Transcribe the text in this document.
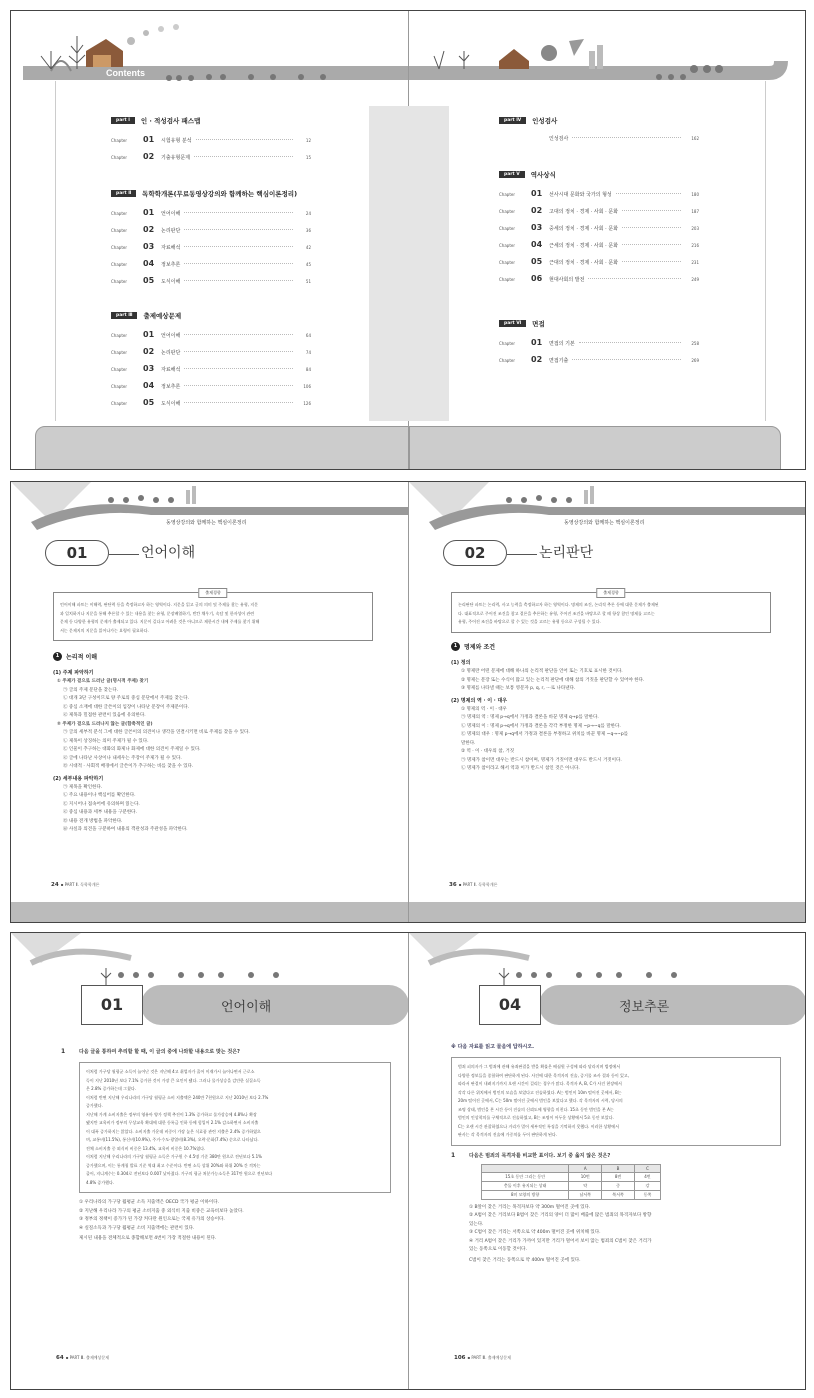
Contents
part Ⅰ	인 · 적성검사 패스맵
Chapter	01	시험유형 분석	12
Chapter	02	기출유형문제	15
part Ⅱ	독학학개론(무료동영상강의와 함께하는 핵심이론정리)
Chapter	01	언어이해	24
Chapter	02	논리판단	36
Chapter	03	자료해석	42
Chapter	04	정보추론	45
Chapter	05	도식이해	51
part Ⅲ	출제예상문제
Chapter	01	언어이해	64
Chapter	02	논리판단	74
Chapter	03	자료해석	84
Chapter	04	정보추론	106
Chapter	05	도식이해	126
part Ⅳ	인성검사
인성검사	162
part Ⅴ	역사상식
Chapter	01	선사시대 문화와 국가의 형성	180
Chapter	02	고대의 정치 · 경제 · 사회 · 문화	187
Chapter	03	중세의 정치 · 경제 · 사회 · 문화	203
Chapter	04	근세의 정치 · 경제 · 사회 · 문화	216
Chapter	05	근대의 정치 · 경제 · 사회 · 문화	231
Chapter	06	현대사회의 발전	249
part Ⅵ	면접
Chapter	01	면접의 기본	258
Chapter	02	면접기출	269
동영상강의와 함께하는 핵심이론정리
01	언어이해
출제경향
언어이해 파트는 이해력, 판단력 등을 측정하고자 하는 영역이다. 지문을 읽고 글의 의미 및 주제를 찾는 유형, 지문
과 일치하거나 지문을 통해 추론할 수 있는 내용을 찾는 유형, 문장배열하기, 빈칸 채우기, 속담 및 한자성어 관련
문제 등 다양한 유형의 문제가 출제되고 있다. 지문이 길다고 어려운 것은 아니므로 제한시간 내에 주제를 찾기 위해
서는 문제지의 지문을 읽어나가는 요령이 필요하다.
1	논리적 이해
(1) 주제 파악하기
① 주제가 겉으로 드러난 글(명시적 주제) 찾기
㉠ 글의 주제 문단을 찾는다.
㉡ 대개 3단 구성이므로 양 주로의 중심 문단에서 주제를 찾는다.
㉢ 중심 소재에 대한 글쓴이의 입장이 나타난 문장이 주제문이다.
㉣ 제목과 밀접한 관련이 있음에 유의한다.
② 주제가 겉으로 드러나지 않는 글(함축적인 글)
㉠ 글의 세부적 분석 그에 대한 글쓴이의 의견이나 생각을 연결시키면 비로 주제를 찾을 수 있다.
㉡ 제목이 상징하는 의미 주제가 될 수 있다.
㉢ 인물이 추구하는 대화의 화제나 화제에 대한 의견이 주제일 수 있다.
㉣ 글에 나타난 사상이나 내세우는 주장이 주제가 될 수 있다.
㉤ 시대적 · 사회적 배경에서 글쓴이가 추구하는 바를 찾을 수 있다.
(2) 세부내용 파악하기
㉠ 제목을 확인한다.
㉡ 주요 내용이나 핵심어를 확인한다.
㉢ 지시어나 접속어에 유의하며 읽는다.
㉣ 중심 내용과 세부 내용을 구분한다.
㉤ 내용 전개 방법을 파악한다.
㉥ 사실과 의견을 구분하여 내용의 객관성과 주관성을 파악한다.
24 ▪ PART Ⅱ. 독학학개론
동영상강의와 함께하는 핵심이론정리
02	논리판단
출제경향
논리판단 파트는 논리력, 사고 능력을 측정하고자 하는 영역이다. 명제의 조건, 논리적 추론 등에 대한 문제가 출제된
다. 대표적으로 주어진 조건을 참고 결론을 추론하는 유형, 주어진 조건을 바탕으로 할 때 항상 참인 명제를 고르는
유형, 주어진 조건을 바탕으로 할 수 있는 것을 고르는 유형 등으로 구성될 수 있다.
1	명제와 조건
(1) 정의
① 명제란 어떤 문제에 대해 하나의 논리적 판단을 언어 또는 기호로 표시한 것이다.
② 명제는 문장 또는 수식이 많고 있는 논리적 판단에 대해 참의 거짓을 판단할 수 있어야 한다.
③ 명제를 나타낼 때는 보통 영문자 p, q, r, ⋯로 나타낸다.
(2) 명제의 역 · 이 · 대우
① 명제의 역 · 이 · 대우
㉠ 명제의 역 : 명제 p→q에서 가정과 결론을 바꾼 명제 q→p를 말한다.
㉡ 명제의 이 : 명제 p→q에서 가정과 결론을 각각 부정한 명제 ~p→~q를 말한다.
㉢ 명제의 대우 : 명제 p→q에서 가정과 결론을 부정하고 위치를 바꾼 명제 ~q→~p를
말한다.
② 역 · 이 · 대우의 참, 거짓
㉠ 명제가 참이면 대우는 반드시 참이며, 명제가 거짓이면 대우도 반드시 거짓이다.
㉡ 명제가 참이라고 해서 역과 이가 반드시 참인 것은 아니다.
36 ▪ PART Ⅱ. 독학학개론
01	언어이해
1	다음 글을 통하여 추리할 할 때, 이 글의 중에 나와할 내용으로 맞는 것은?
이처럼 가구당 월평균 소득이 늘어난 것은 지난해 4고 취업자가 줄어 이재가시 늘어나면서 근로소
득이 지난 2010년 보다 7.1% 증가한 것이 가장 큰 요인이 됐다. 그러나 물가상승을 감안한 실질소득
은 2.8% 증가하는데 그쳤다.
이처럼 반면 지난해 우리나라의 가구당 월평균 소비 지출액은 240만 7천원으로 지난 2010년 보다 2.7%
증가했다.
지난해 가계 소비지출은 정부의 영유아 양가 정책 추진이 1.3% 증가하고 물가상승에 4.8%나 확장
됐지만 교육비가 정부의 무상교육 확대에 대한 등록금 인하 등에 힘입어 2.1% 감소하면서 소비지출
이 대폭 증가하지는 않았다. 소비지출 가운데 비중이 가장 높은 식료품 관련 지출은 2.4% 증가하였으
며, 교통비(11.5%), 통신비(10.9%), 주거·수도·광열비(8.3%), 오락·문화(7.4%) 순으로 나타났다.
전체 소비지출 중 외식비 비중은 13.4%, 교육비 비중은 10.7%였다.
이처럼 지난해 우리나라의 가구당 월평균 소득은 가구원 수 4.5명 기준 380만 원으로 전년보다 5.1%
증가했으며, 이는 통계청 발표 기준 역대 최고 수준이다. 반면 소득 상위 20%와 하위 20% 간 격차는
줄어, 지니계수는 0.304로 전년보다 0.007 낮아졌다. 가구의 평균 처분가능소득은 317만 원으로 전년보다
4.8% 증가했다.
① 우리나라의 가구당 월평균 소득 지출액은 OECD 국가 평균 이하이다.
② 지난해 우리나라 가구의 평균 소비지출 중 외식비 지출 비중은 교육비보다 높았다.
③ 정부의 정책이 증가가 된 가장 커다란 원인으로는 국제 유가의 상승이다.
④ 실질소득과 가구당 월평균 소비 지출액에는 관련이 있다.
제시된 내용을 전체적으로 종합해보면 4번이 가장 적절한 내용이 된다.
64 ▪ PART Ⅲ. 출제예상문제
04	정보추론
※ 다음 자료를 읽고 물음에 답하시오.
범죄 피의자가 그 범죄에 관해 유죄판결을 받을 확률은 배심원 구성에 따라 달라지며 법정에서
다양한 정보들을 종합하여 판단하게 된다. 사건에 대한 목격자의 진술, 증거물 조사 결과 등이 있고,
따라서 판결이 내려지기까지 오랜 시간이 걸리는 경우가 많다. 목격자 A, B, C가 사건 현장에서
각각 다른 위치에서 범인의 모습을 보았다고 진술하였다. A는 범인이 10m 떨어진 곳에서, B는
20m 떨어진 곳에서, C는 50m 떨어진 곳에서 범인을 보았다고 했다. 각 목격자의 시력, 당시의
조명 상태, 범인을 본 시간 등이 진술의 신뢰도에 영향을 미친다. 15초 동안 범인을 본 A는
범인의 인상착의를 구체적으로 진술하였고, B는 조명이 어두운 상황에서 5초 동안 보았다.
C는 오랜 시간 관찰하였으나 거리가 멀어 세부적인 특징을 기억하지 못했다. 이러한 상황에서
판사는 각 목격자의 진술에 가중치를 두어 판단하게 된다.
1	다음은 범죄의 목격자를 비교한 표이다. 보기 중 옳지 않은 것은?
	A	B	C
15초 동안 그리는 동안	10번	8번	4번
충돌 이후 유지되는 상태	약	중	강
8미 모양의 방향	남서쪽	북서쪽	동쪽
① B앞이 찾은 거리는 목격자보다 약 300m 떨어진 곳에 있다.
② A범이 찾은 거리보다 B범이 찾은 거리의 양이 더 많이 배출에 많은 범죄의 목격자보다 방향
있는다.
③ C범이 찾은 거리는 서쪽으로 약 400m 떨어진 곳에 위치해 있다.
④ 거리 A범이 찾은 거리가 가까이 있지만 거리가 멀어서 보이 않는 범죄의 C범이 찾은 거리가
있는 동쪽으로 이동할 것이다.
C범이 찾은 거리는 동쪽으로 약 400m 떨어진 곳에 있다.
106 ▪ PART Ⅲ. 출제예상문제
